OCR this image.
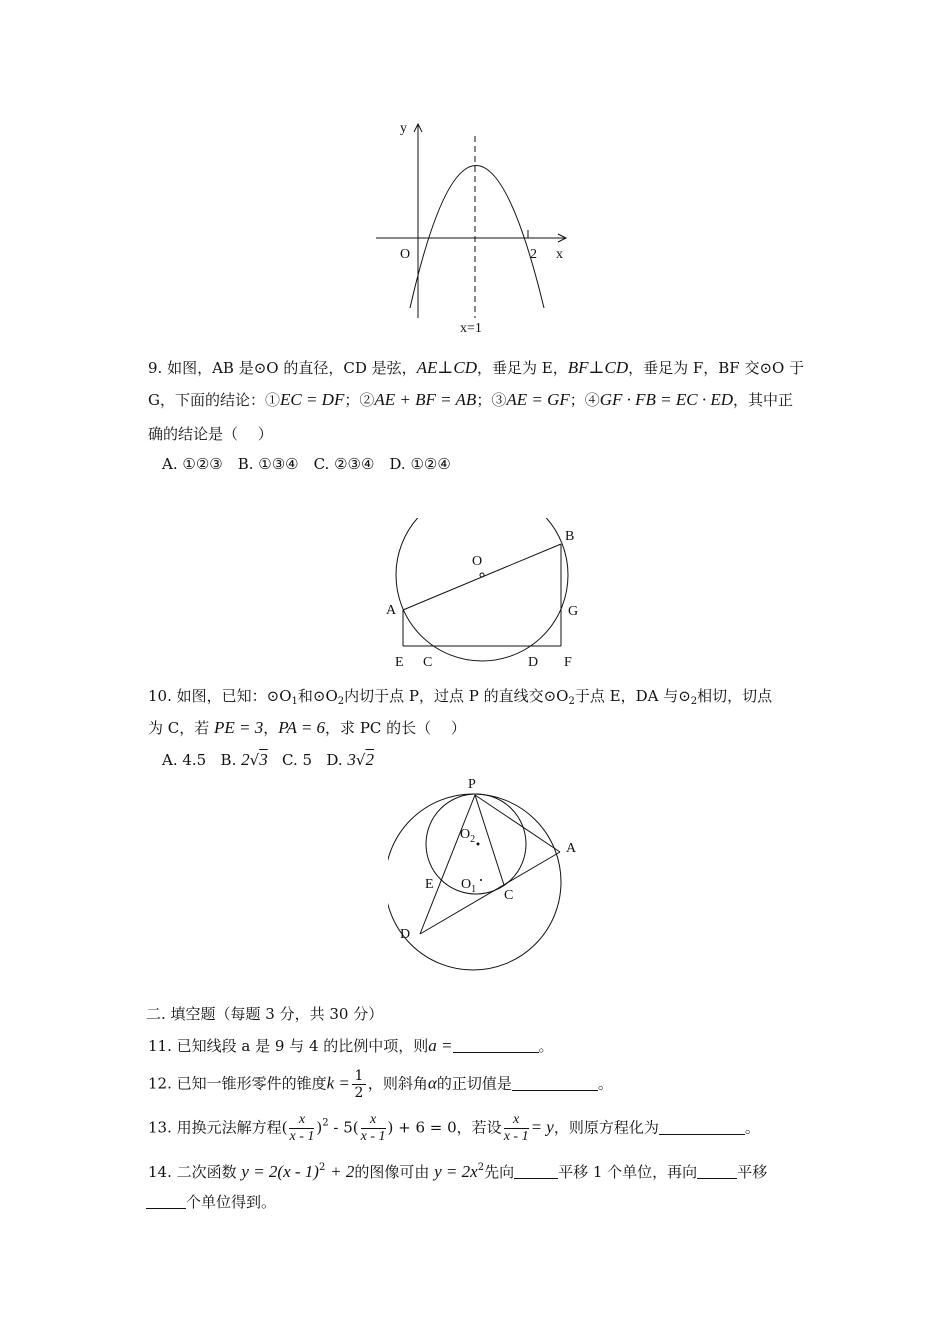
y
x
O	2
x=1
9. 如图，AB 是⊙O 的直径，CD 是弦，AE⊥CD，垂足为 E，BF⊥CD，垂足为 F，BF 交⊙O 于
G，下面的结论：①EC = DF；②AE + BF = AB；③AE = GF；④GF · FB = EC · ED，其中正
确的结论是（　 ）
A. ①②③　B. ①③④　C. ②③④　D. ①②④
O
A
B
G
E C	D F
10. 如图，已知：$⊙O_1$和$⊙O_2$内切于点 P，过点 P 的直线交$⊙O_2$于点 E，DA 与$⊙_2$相切，切点
为 C，若 PE = 3，PA = 6，求 PC 的长（　 ）
A. 4.5 B. 2√3 C. 5 D. 3√2
P
A
$O_2$
$O_1$
E
C
D
二. 填空题（每题 3 分，共 30 分）
11. 已知线段 a 是 9 与 4 的比例中项，则a =	。
12. 已知一锥形零件的锥度$k = \frac{1}{2}$ ，则斜角α的正切值是	。
13. 用换元法解方程( $\frac{x}{x - 1} )^2 - 5( \frac{x}{x - 1}$ ) + 6 = 0，若设 $\frac{x}{x - 1} = y$，则原方程化为	。
14. 二次函数 y = 2(x - 1)$^2$ + 2的图像可由 $y = 2x^2$先向	平移 1 个单位，再向	平移
个单位得到。
